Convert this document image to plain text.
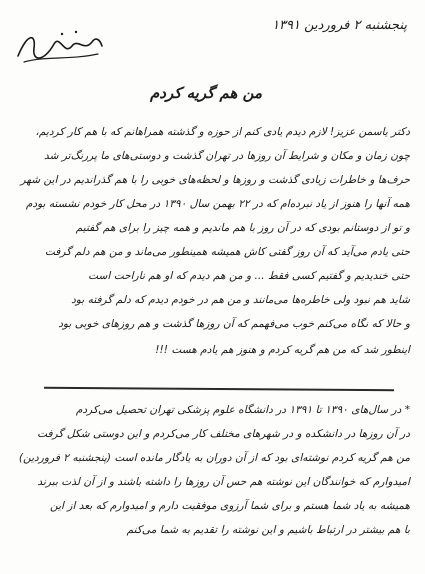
پنجشنبه ۲ فروردین ۱۳۹۱
من هم گریه کردم
دکتر یاسمن عزیز! لازم دیدم یادی کنم از حوزه و گذشته همراهانم که با هم کار کردیم،
چون زمان و مکان و شرایط آن روزها در تهران گذشت و دوستی‌های ما پررنگ‌تر شد
حرف‌ها و خاطرات زیادی گذشت و روزها و لحظه‌های خوبی را با هم گذراندیم در این شهر
همه آنها را هنوز از یاد نبرده‌ام که در ۲۲ بهمن سال ۱۳۹۰ در محل کار خودم نشسته بودم
و تو از دوستانم بودی که در آن روز با هم ماندیم و همه چیز را برای هم گفتیم
حتی یادم می‌آید که آن روز گفتی کاش همیشه همینطور می‌ماند و من هم دلم گرفت
حتی خندیدیم و گفتیم کسی فقط ... و من هم دیدم که او هم ناراحت است
شاید هم نبود ولی خاطره‌ها می‌مانند و من هم در خودم دیدم که دلم گرفته بود
و حالا که نگاه می‌کنم خوب می‌فهمم که آن روزها گذشت و هم روزهای خوبی بود
اینطور شد که من هم گریه کردم و هنوز هم یادم هست !!!
* در سال‌های ۱۳۹۰ تا ۱۳۹۱ در دانشگاه علوم پزشکی تهران تحصیل می‌کردم
در آن روزها در دانشکده و در شهرهای مختلف کار می‌کردم و این دوستی شکل گرفت
من هم گریه کردم نوشته‌ای بود که از آن دوران به یادگار مانده است (پنجشنبه ۲ فروردین)
امیدوارم که خوانندگان این نوشته هم حس آن روزها را داشته باشند و از آن لذت ببرند
همیشه به یاد شما هستم و برای شما آرزوی موفقیت دارم و امیدوارم که بعد از این
با هم بیشتر در ارتباط باشیم و این نوشته را تقدیم به شما می‌کنم
